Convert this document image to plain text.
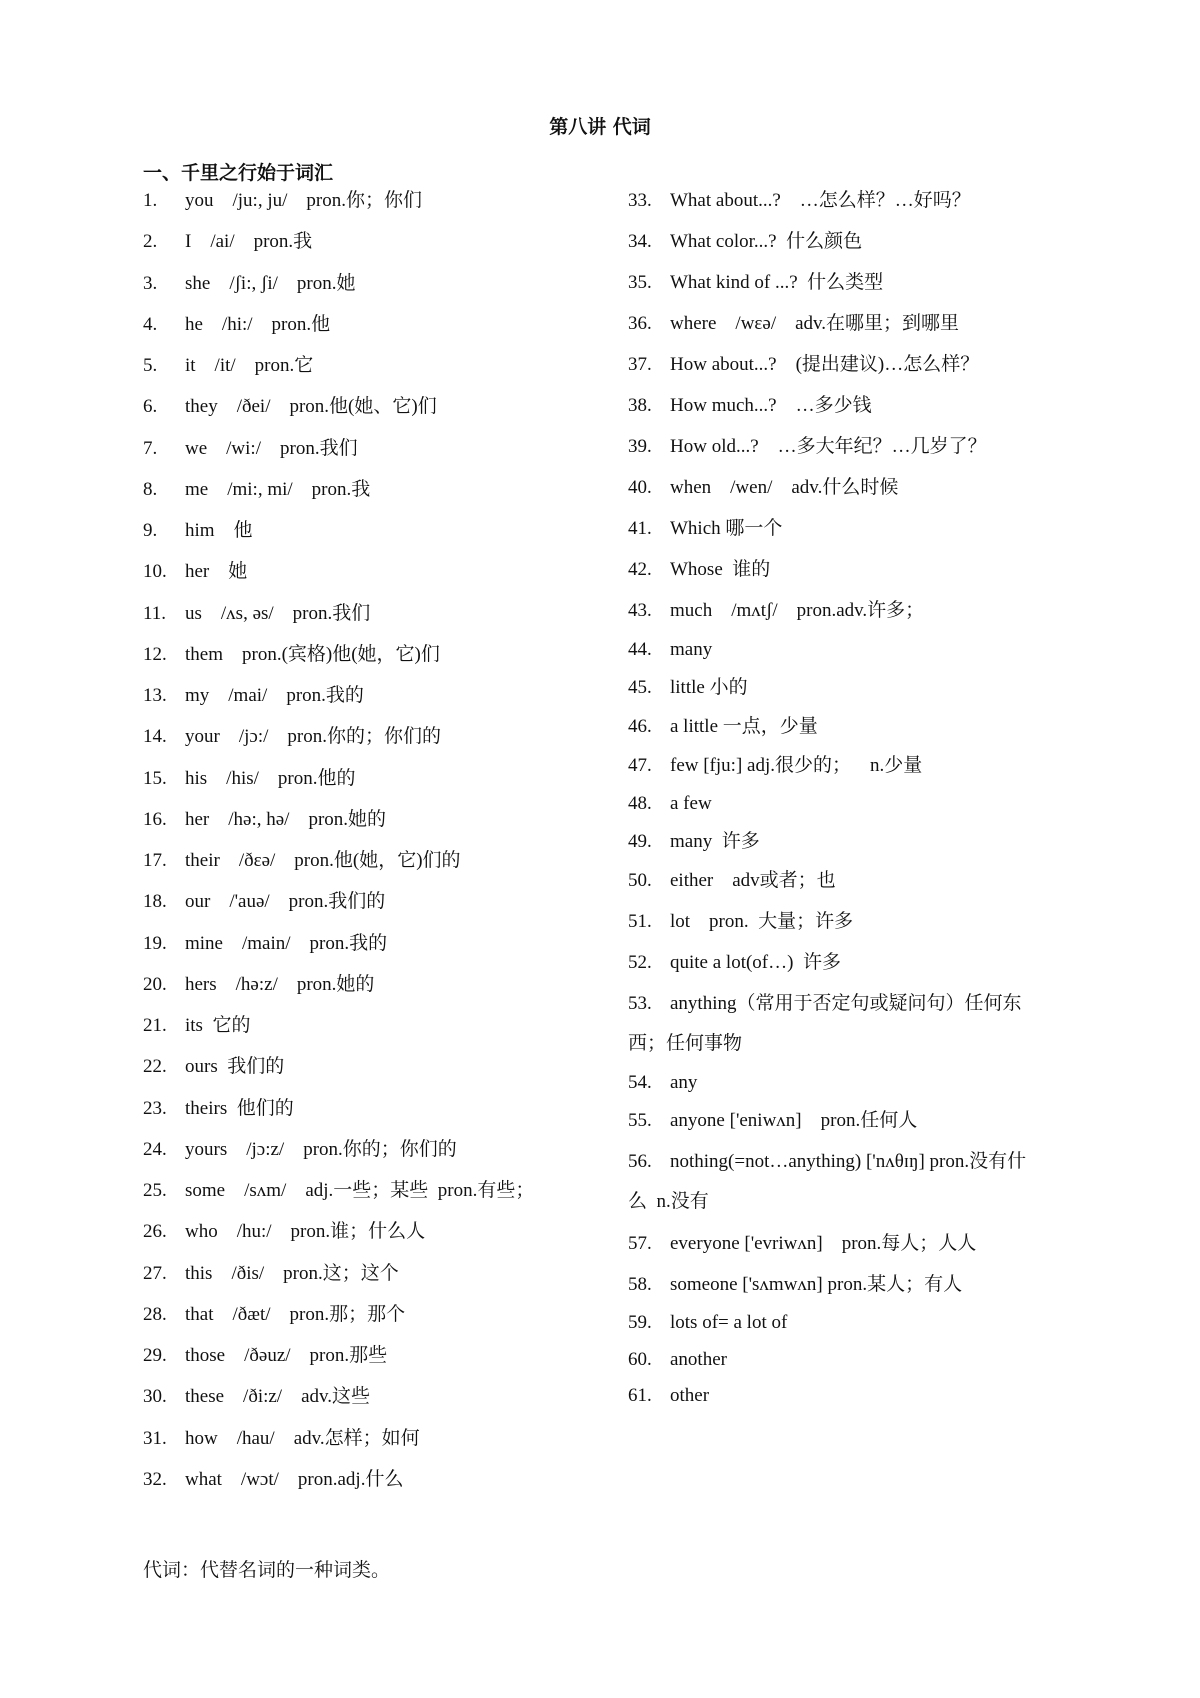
第八讲 代词
一、千里之行始于词汇
1. you    /ju:, ju/    pron.你；你们
2. I    /ai/    pron.我
3. she    /ʃi:, ʃi/    pron.她
4. he    /hi:/    pron.他
5. it    /it/    pron.它
6. they    /ðei/    pron.他(她、它)们
7. we    /wi:/    pron.我们
8. me    /mi:, mi/    pron.我
9. him    他
10. her    她
11. us    /ʌs, əs/    pron.我们
12. them    pron.(宾格)他(她，它)们
13. my    /mai/    pron.我的
14. your    /jɔ:/    pron.你的；你们的
15. his    /his/    pron.他的
16. her    /hə:, hə/    pron.她的
17. their    /ðεə/    pron.他(她，它)们的
18. our    /'auə/    pron.我们的
19. mine    /main/    pron.我的
20. hers    /hə:z/    pron.她的
21. its  它的
22. ours  我们的
23. theirs  他们的
24. yours    /jɔ:z/    pron.你的；你们的
25. some    /sʌm/    adj.一些；某些  pron.有些；
26. who    /hu:/    pron.谁；什么人
27. this    /ðis/    pron.这；这个
28. that    /ðæt/    pron.那；那个
29. those    /ðəuz/    pron.那些
30. these    /ði:z/    adv.这些
31. how    /hau/    adv.怎样；如何
32. what    /wɔt/    pron.adj.什么
33. What about...?    …怎么样？…好吗？
34. What color...?  什么颜色
35. What kind of ...?  什么类型
36. where    /wεə/    adv.在哪里；到哪里
37. How about...?    (提出建议)…怎么样？
38. How much...?    …多少钱
39. How old...?    …多大年纪？…几岁了？
40. when    /wen/    adv.什么时候
41. Which 哪一个
42. Whose  谁的
43. much    /mʌtʃ/    pron.adv.许多；
44. many
45. little 小的
46. a little 一点，少量
47. few [fju:] adj.很少的；    n.少量
48. a few
49. many  许多
50. either    adv或者；也
51. lot    pron.  大量；许多
52. quite a lot(of…)  许多
53. anything（常用于否定句或疑问句）任何东
西；任何事物
54. any
55. anyone ['eniwʌn]    pron.任何人
56. nothing(=not…anything) ['nʌθɪŋ] pron.没有什
么  n.没有
57. everyone ['evriwʌn]    pron.每人；人人
58. someone ['sʌmwʌn] pron.某人；有人
59. lots of= a lot of
60. another
61. other
代词：代替名词的一种词类。
